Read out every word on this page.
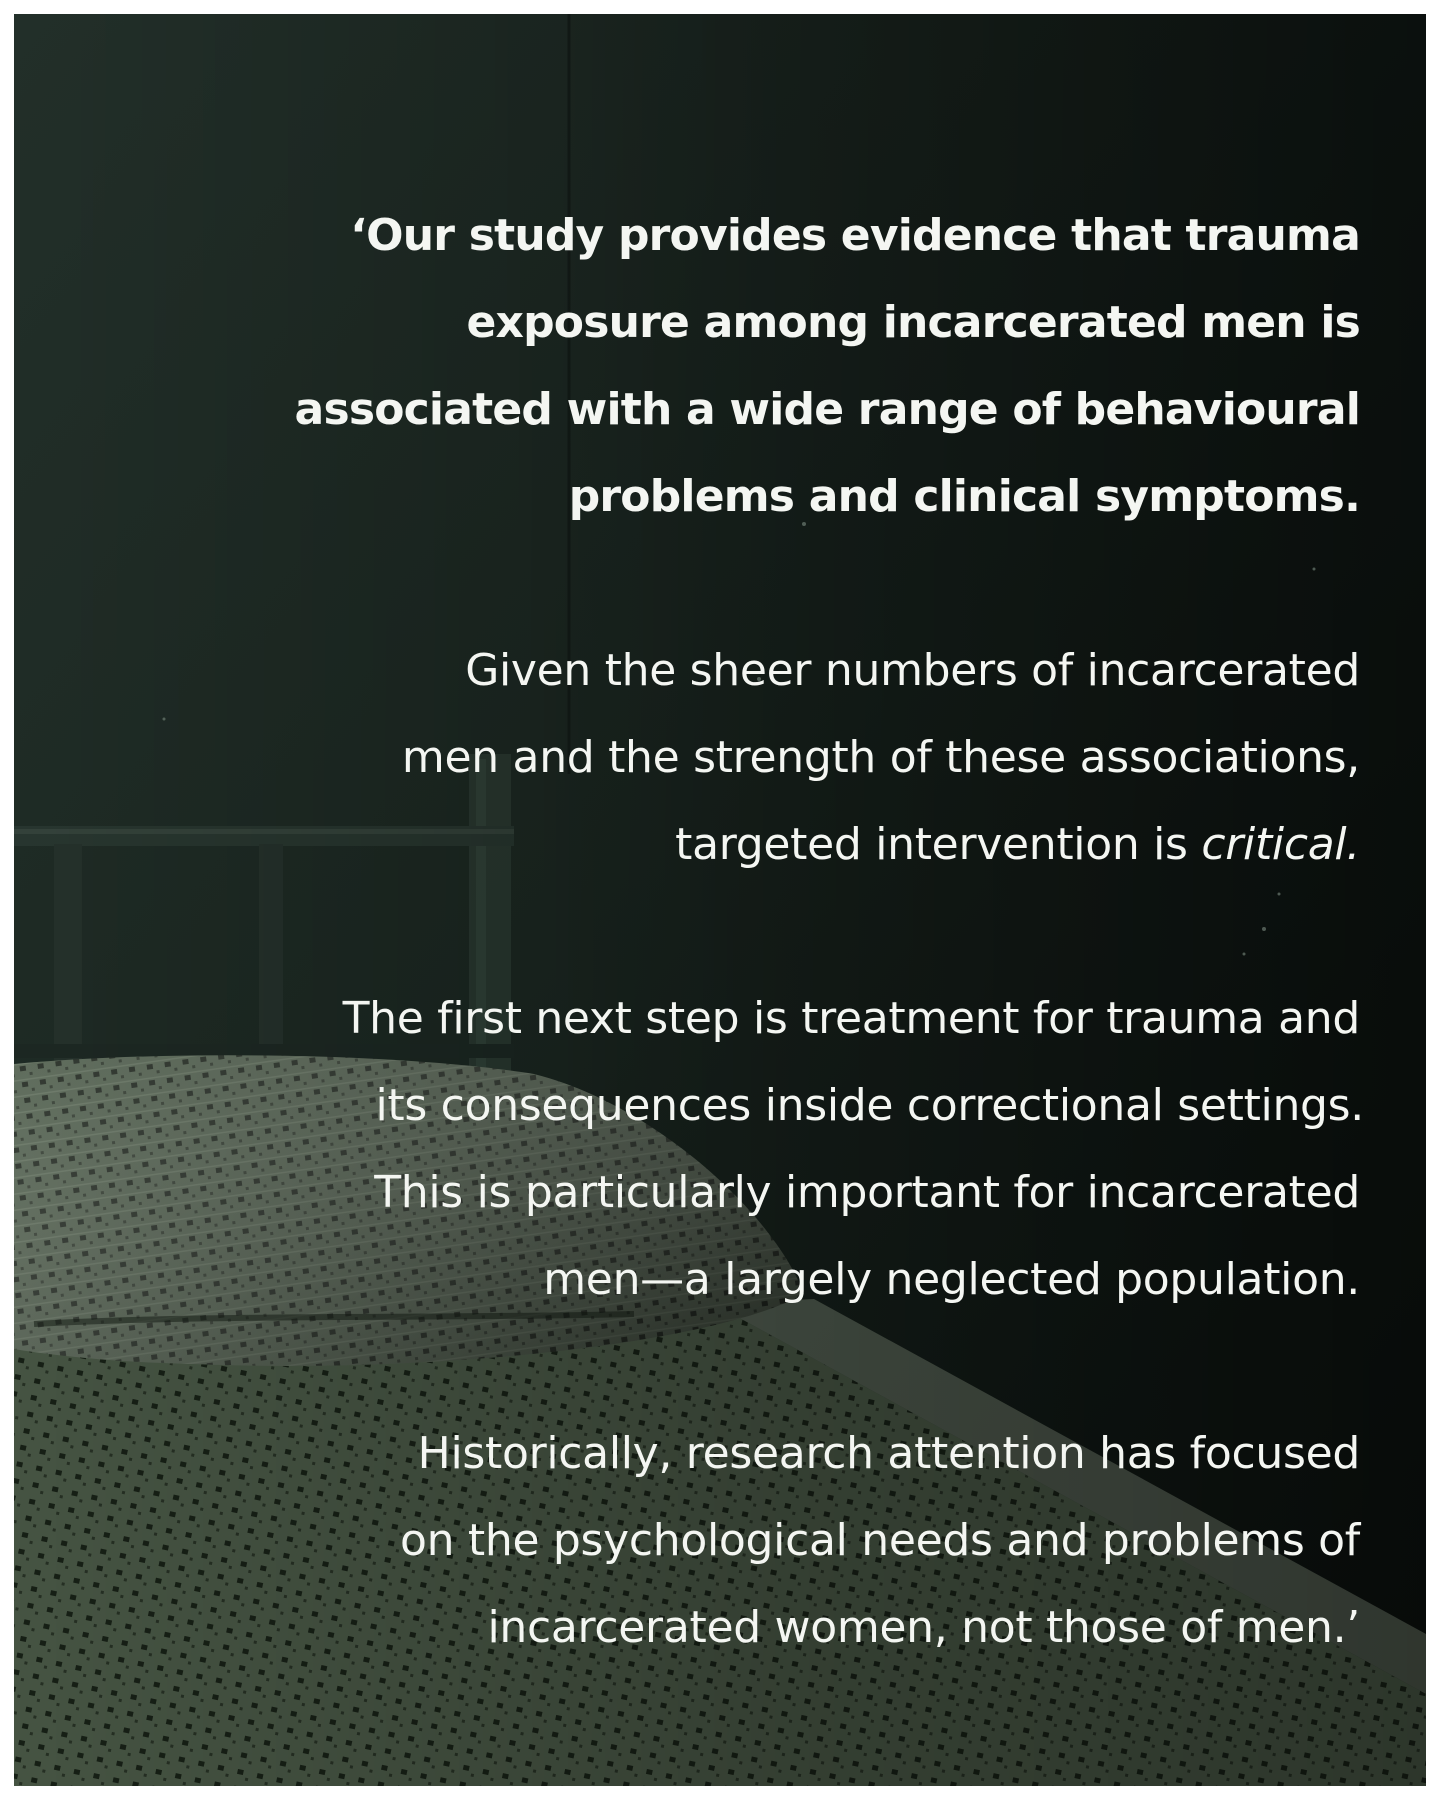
‘Our study provides evidence that trauma
exposure among incarcerated men is
associated with a wide range of behavioural
problems and clinical symptoms.

Given the sheer numbers of incarcerated
men and the strength of these associations,
targeted intervention is critical.

The first next step is treatment for trauma and
its consequences inside correctional settings.
This is particularly important for incarcerated
men—a largely neglected population.

Historically, research attention has focused
on the psychological needs and problems of
incarcerated women, not those of men.’
